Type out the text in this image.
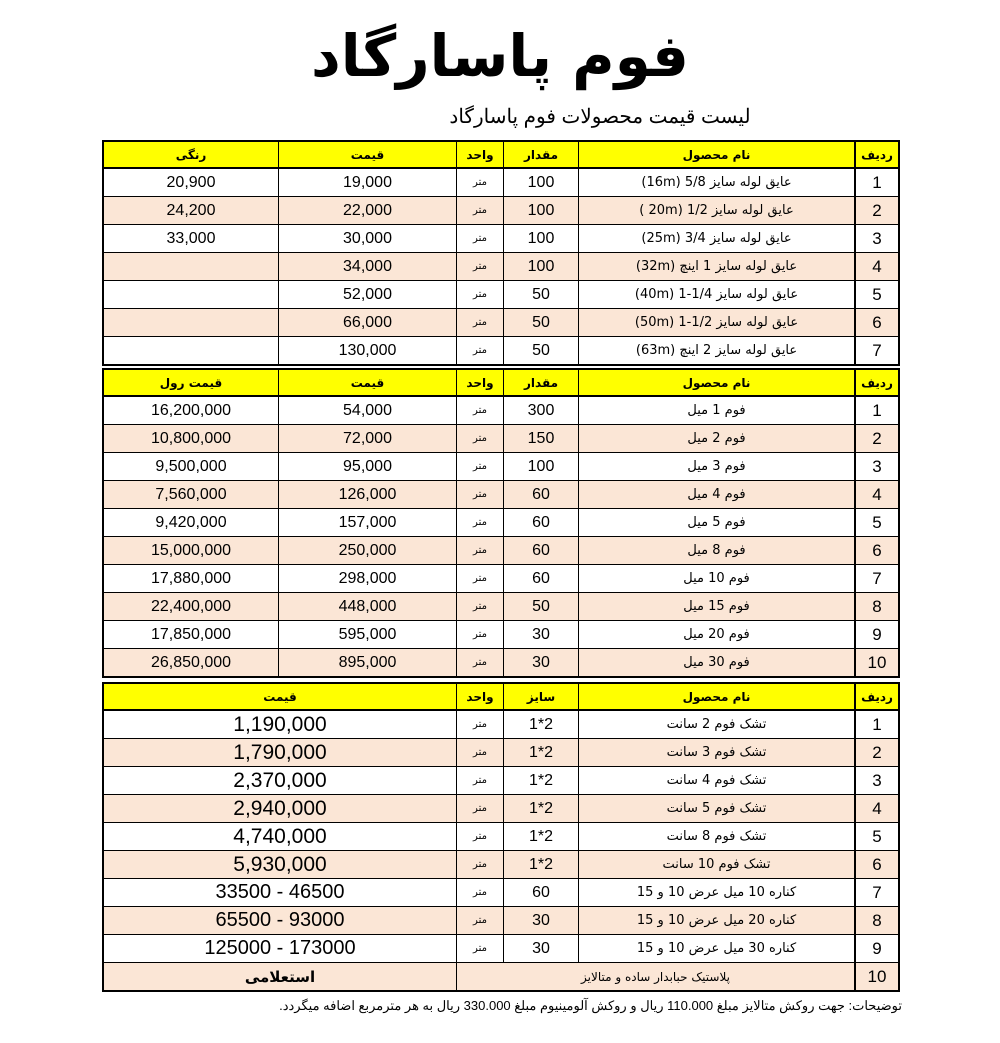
فوم پاسارگاد
لیست قیمت محصولات فوم پاسارگاد
ردیف
نام محصول
مقدار
واحد
قیمت
رنگی
1
عایق لوله سایز 5/8 (16m)
100
متر
19,000
20,900
2
عایق لوله سایز 1/2 (20m )
100
متر
22,000
24,200
3
عایق لوله سایز 3/4 (25m)
100
متر
30,000
33,000
4
عایق لوله سایز 1 اینچ (32m)
100
متر
34,000
5
عایق لوله سایز 1/4-1 (40m)
50
متر
52,000
6
عایق لوله سایز 1/2-1 (50m)
50
متر
66,000
7
عایق لوله سایز 2 اینچ (63m)
50
متر
130,000
ردیف
نام محصول
مقدار
واحد
قیمت
قیمت رول
1
فوم 1 میل
300
متر
54,000
16,200,000
2
فوم 2 میل
150
متر
72,000
10,800,000
3
فوم 3 میل
100
متر
95,000
9,500,000
4
فوم 4 میل
60
متر
126,000
7,560,000
5
فوم 5 میل
60
متر
157,000
9,420,000
6
فوم 8 میل
60
متر
250,000
15,000,000
7
فوم 10 میل
60
متر
298,000
17,880,000
8
فوم 15 میل
50
متر
448,000
22,400,000
9
فوم 20 میل
30
متر
595,000
17,850,000
10
فوم 30 میل
30
متر
895,000
26,850,000
ردیف
نام محصول
سایز
واحد
قیمت
1
تشک فوم 2 سانت
1*2
متر
1,190,000
2
تشک فوم 3 سانت
1*2
متر
1,790,000
3
تشک فوم 4 سانت
1*2
متر
2,370,000
4
تشک فوم 5 سانت
1*2
متر
2,940,000
5
تشک فوم 8 سانت
1*2
متر
4,740,000
6
تشک فوم 10 سانت
1*2
متر
5,930,000
7
کناره 10 میل عرض 10 و 15
60
متر
33500 - 46500
8
کناره 20 میل عرض 10 و 15
30
متر
65500 - 93000
9
کناره 30 میل عرض 10 و 15
30
متر
125000 - 173000
10
پلاستیک حبابدار ساده و متالایز
استعلامی
توضیحات: جهت روکش متالایز مبلغ 110.000 ریال و روکش آلومینیوم مبلغ 330.000 ریال به هر مترمربع اضافه میگردد.
